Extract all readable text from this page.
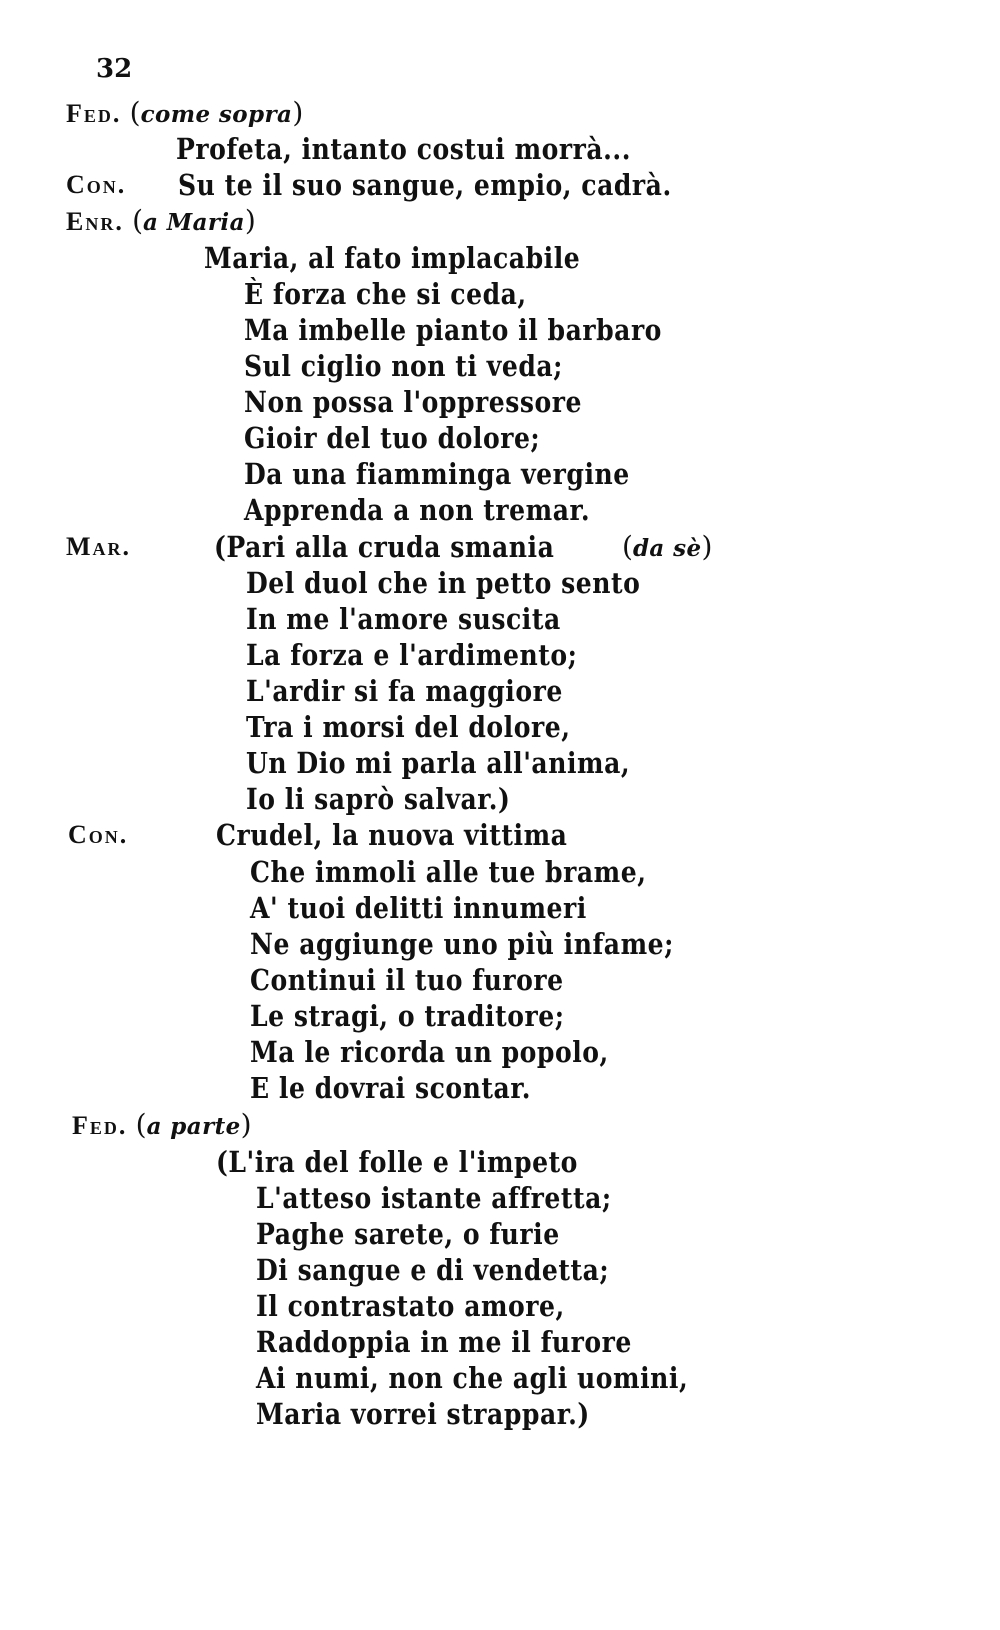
32
Fed. (come sopra)
Profeta, intanto costui morrà...
Con. Su te il suo sangue, empio, cadrà.
Enr. (a Maria)
Maria, al fato implacabile
È forza che si ceda,
Ma imbelle pianto il barbaro
Sul ciglio non ti veda;
Non possa l'oppressore
Gioir del tuo dolore;
Da una fiamminga vergine
Apprenda a non tremar.
Mar.	(Pari alla cruda smania	(da sè)
Del duol che in petto sento
In me l'amore suscita
La forza e l'ardimento;
L'ardir si fa maggiore
Tra i morsi del dolore,
Un Dio mi parla all'anima,
Io li saprò salvar.)
Con.	Crudel, la nuova vittima
Che immoli alle tue brame,
A' tuoi delitti innumeri
Ne aggiunge uno più infame;
Continui il tuo furore
Le stragi, o traditore;
Ma le ricorda un popolo,
E le dovrai scontar.
Fed. (a parte)
(L'ira del folle e l'impeto
L'atteso istante affretta;
Paghe sarete, o furie
Di sangue e di vendetta;
Il contrastato amore,
Raddoppia in me il furore
Ai numi, non che agli uomini,
Maria vorrei strappar.)
